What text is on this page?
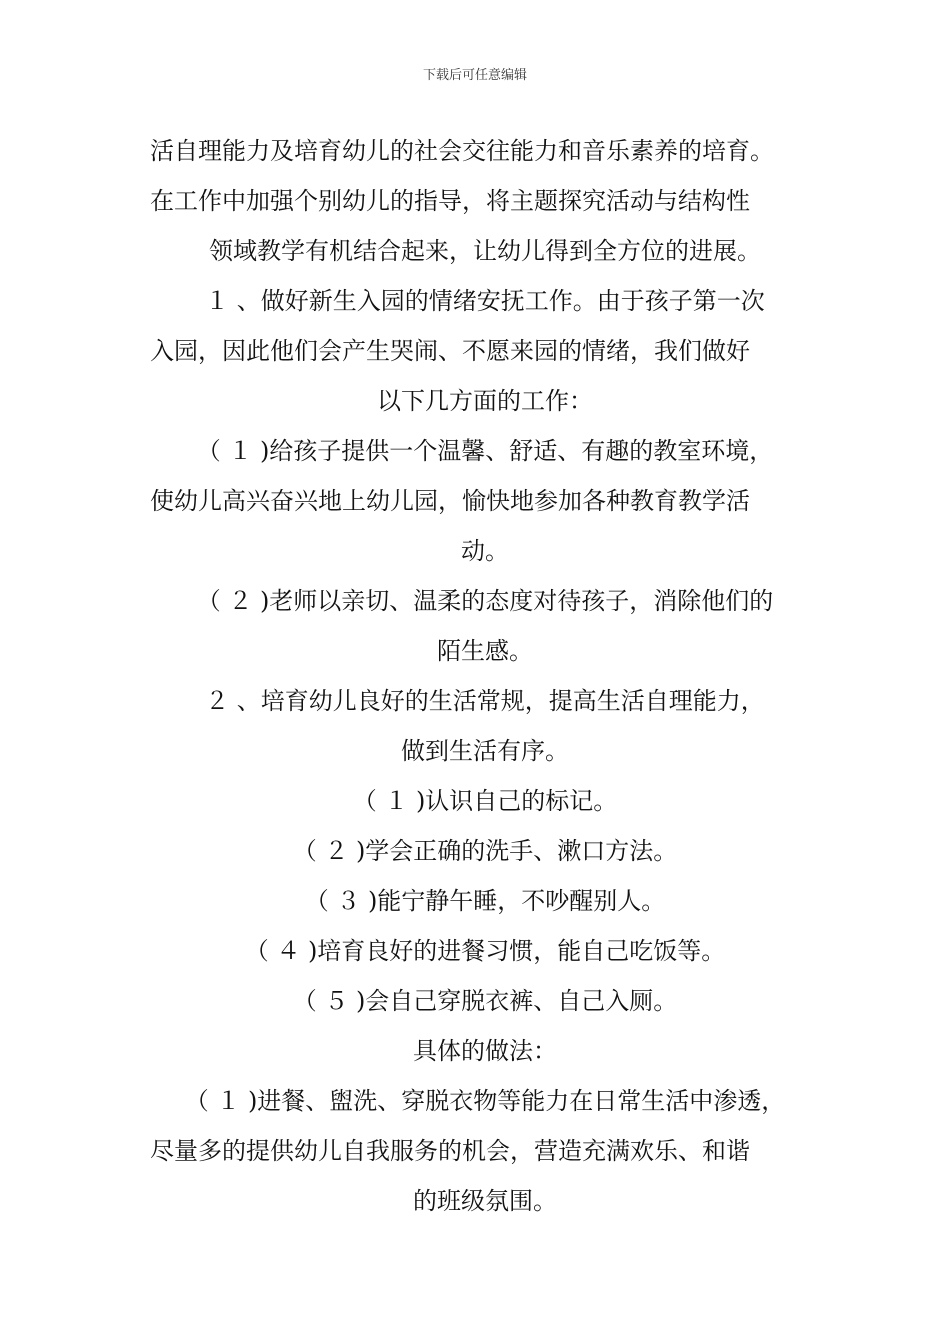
下载后可任意编辑
活自理能力及培育幼儿的社会交往能力和音乐素养的培育。
在工作中加强个别幼儿的指导，将主题探究活动与结构性
领域教学有机结合起来，让幼儿得到全方位的进展。
１ 、做好新生入园的情绪安抚工作。由于孩子第一次
入园，因此他们会产生哭闹、不愿来园的情绪，我们做好
以下几方面的工作：
（ １ )给孩子提供一个温馨、舒适、有趣的教室环境，
使幼儿高兴奋兴地上幼儿园，愉快地参加各种教育教学活
动。
（ ２ )老师以亲切、温柔的态度对待孩子，消除他们的
陌生感。
２ 、培育幼儿良好的生活常规，提高生活自理能力，
做到生活有序。
（ １ )认识自己的标记。
（ ２ )学会正确的洗手、漱口方法。
（ ３ )能宁静午睡，不吵醒别人。
（ ４ )培育良好的进餐习惯，能自己吃饭等。
（ ５ )会自己穿脱衣裤、自己入厕。
具体的做法：
（ １ )进餐、盥洗、穿脱衣物等能力在日常生活中渗透，
尽量多的提供幼儿自我服务的机会，营造充满欢乐、和谐
的班级氛围。
